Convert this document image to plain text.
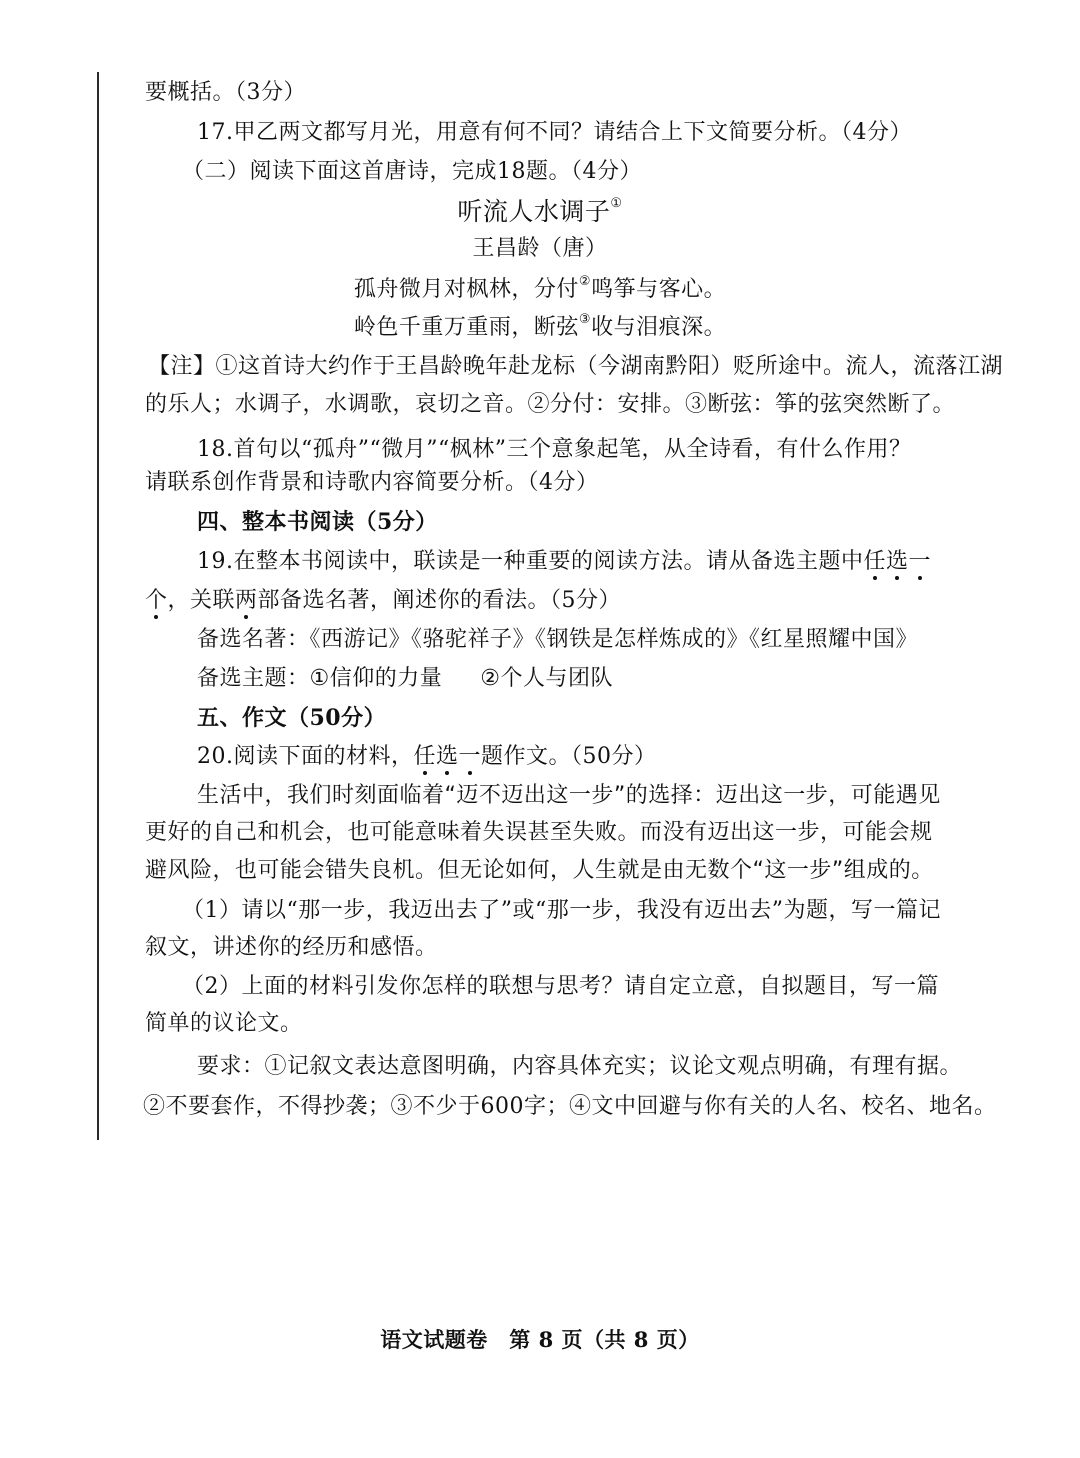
要概括。（3分）
17.甲乙两文都写月光，用意有何不同？请结合上下文简要分析。（4分）
（二）阅读下面这首唐诗，完成18题。（4分）
听流人水调子①
王昌龄（唐）
孤舟微月对枫林，分付②鸣筝与客心。
岭色千重万重雨，断弦③收与泪痕深。
【注】①这首诗大约作于王昌龄晚年赴龙标（今湖南黔阳）贬所途中。流人，流落江湖
的乐人；水调子，水调歌，哀切之音。②分付：安排。③断弦：筝的弦突然断了。
18.首句以“孤舟”“微月”“枫林”三个意象起笔，从全诗看，有什么作用？
请联系创作背景和诗歌内容简要分析。（4分）
四、整本书阅读（5分）
19.在整本书阅读中，联读是一种重要的阅读方法。请从备选主题中任选一
个，关联两部备选名著，阐述你的看法。（5分）
备选名著：《西游记》《骆驼祥子》《钢铁是怎样炼成的》《红星照耀中国》
备选主题：①信仰的力量 ②个人与团队
五、作文（50分）
20.阅读下面的材料，任选一题作文。（50分）
生活中，我们时刻面临着“迈不迈出这一步”的选择：迈出这一步，可能遇见
更好的自己和机会，也可能意味着失误甚至失败。而没有迈出这一步，可能会规
避风险，也可能会错失良机。但无论如何，人生就是由无数个“这一步”组成的。
（1）请以“那一步，我迈出去了”或“那一步，我没有迈出去”为题，写一篇记
叙文，讲述你的经历和感悟。
（2）上面的材料引发你怎样的联想与思考？请自定立意，自拟题目，写一篇
简单的议论文。
要求：①记叙文表达意图明确，内容具体充实；议论文观点明确，有理有据。
②不要套作，不得抄袭；③不少于600字；④文中回避与你有关的人名、校名、地名。
语文试题卷　第 8 页（共 8 页）
